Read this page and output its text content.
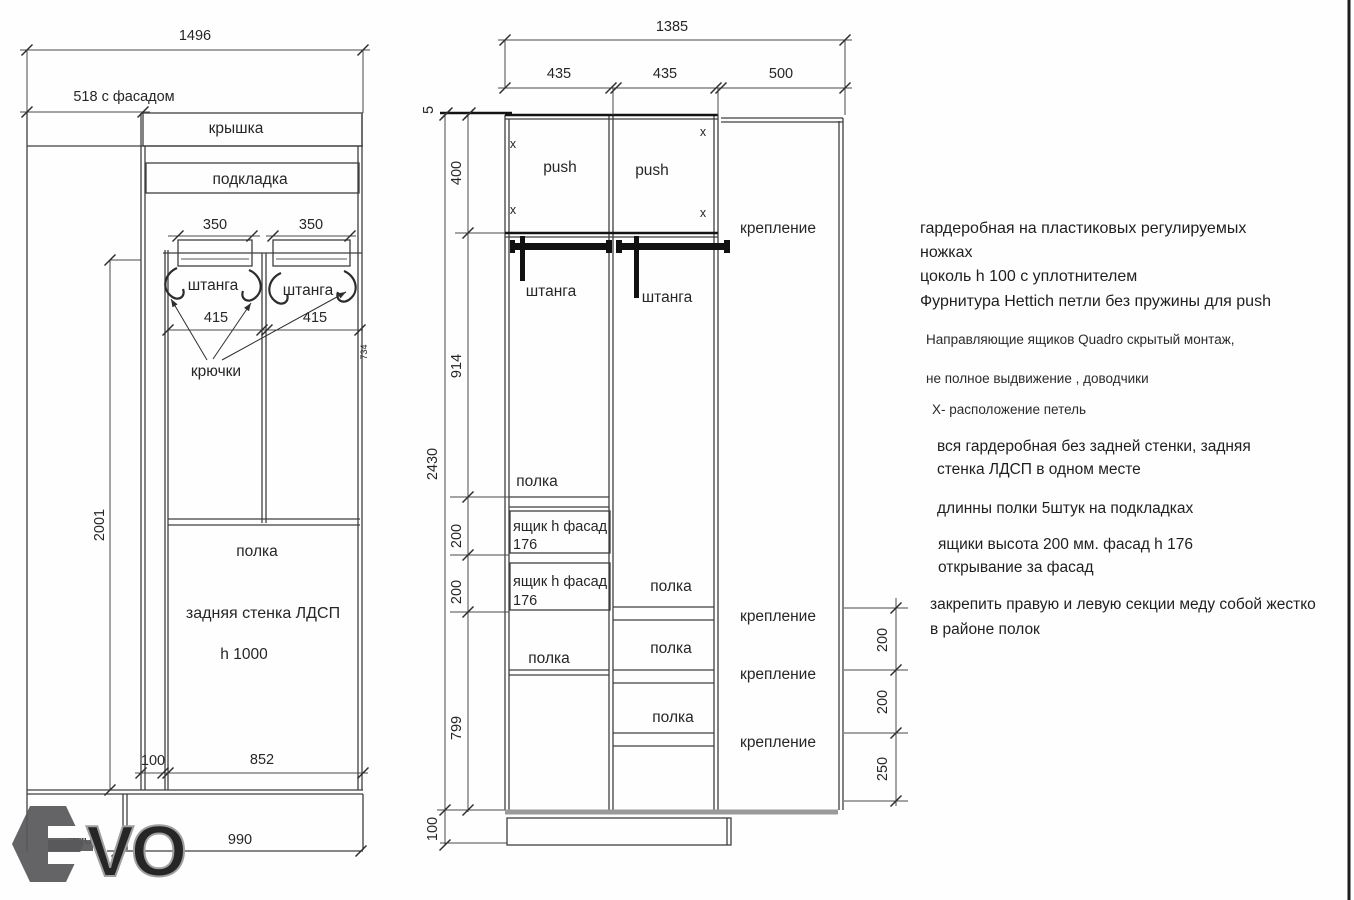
1496
518 с фасадом
350	350
415	415
2001
734
100	852
990
крышка
подкладка
штанга	штанга
крючки
полка
задняя стенка ЛДСП
h 1000
1385
435	435	500
5
400
914
200
200
799
2430
100
200
200
250
x
x
x
x
push	push
штанга	штанга
полка
полка
полка
полка
полка
ящик h фасад
176
ящик h фасад
176
крепление
крепление
крепление
крепление
гардеробная на пластиковых регулируемых
ножках
цоколь h 100 с уплотнителем
Фурнитура Hettich петли без пружины для push
Направляющие ящиков Quadro скрытый монтаж,
не полное выдвижение , доводчики
Х- расположение петель
вся гардеробная без задней стенки, задняя
стенка ЛДСП в одном месте
длинны полки 5штук на подкладках
ящики высота 200 мм. фасад h 176
открывание за фасад
закрепить правую и левую секции меду собой жестко
в районе полок
VO
